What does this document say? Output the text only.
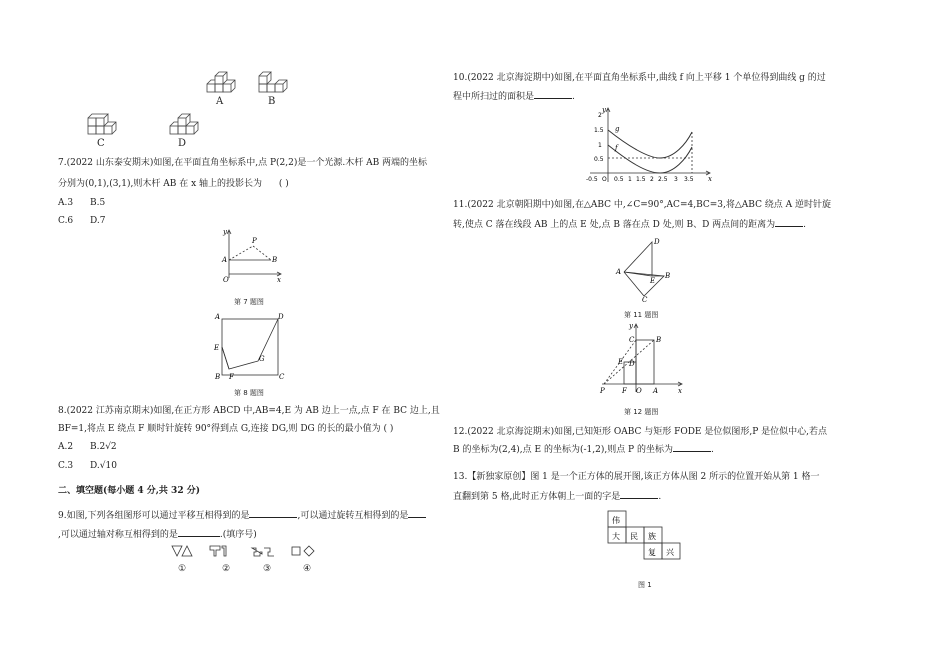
A	B
C	D
7.(2022 山东泰安期末)如图,在平面直角坐标系中,点 P(2,2)是一个光源.木杆 AB 两端的坐标
分别为(0,1),(3,1),则木杆 AB 在 x 轴上的投影长为 ( )
A.3 B.5
C.6 D.7
y
x
O
A	B
P
第 7 题图
A
B	C
D
E
F
G
第 8 题图
8.(2022 江苏南京期末)如图,在正方形 ABCD 中,AB=4,E 为 AB 边上一点,点 F 在 BC 边上,且
BF=1,将点 E 绕点 F 顺时针旋转 90°得到点 G,连接 DG,则 DG 的长的最小值为 ( )
A.2 B.2√2
C.3 D.√10
二、填空题(每小题 4 分,共 32 分)
9.如图,下列各组图形可以通过平移互相得到的是	,可以通过旋转互相得到的是
,可以通过轴对称互相得到的是	.(填序号)
①	②	③	④
10.(2022 北京海淀期中)如图,在平面直角坐标系中,曲线 f 向上平移 1 个单位得到曲线 g 的过
程中所扫过的面积是	.
y
x
g
f
2
1.5
1
0.5
-0.5 O 0.5 1 1.5 2 2.5 3 3.5
11.(2022 北京朝阳期中)如图,在△ABC 中,∠C=90°,AC=4,BC=3,将△ABC 绕点 A 逆时针旋
转,使点 C 落在线段 AB 上的点 E 处,点 B 落在点 D 处,则 B、D 两点间的距离为	.
A	B
C
D
E
第 11 题图
y
x
O A
B
C
D
E
F
P
第 12 题图
12.(2022 北京海淀期末)如图,已知矩形 OABC 与矩形 FODE 是位似图形,P 是位似中心,若点
B 的坐标为(2,4),点 E 的坐标为(-1,2),则点 P 的坐标为	.
13.【新独家原创】图 1 是一个正方体的展开图,该正方体从图 2 所示的位置开始从第 1 格一
直翻到第 5 格,此时正方体朝上一面的字是	.
伟
大 民 族
复 兴
图 1
